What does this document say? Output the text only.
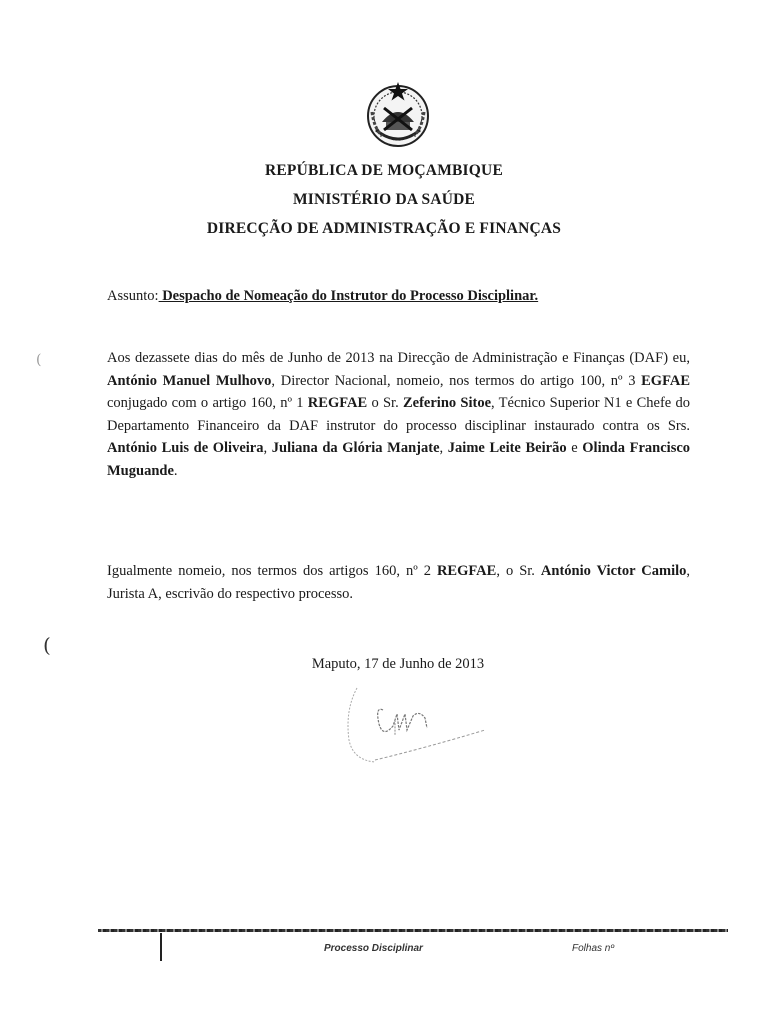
REPÚBLICA DE MOÇAMBIQUE
MINISTÉRIO DA SAÚDE
DIRECÇÃO DE ADMINISTRAÇÃO E FINANÇAS
Assunto: Despacho de Nomeação do Instrutor do Processo Disciplinar.
Aos dezassete dias do mês de Junho de 2013 na Direcção de Administração e Finanças (DAF) eu, António Manuel Mulhovo, Director Nacional, nomeio, nos termos do artigo 100, nº 3 EGFAE conjugado com o artigo 160, nº 1 REGFAE o Sr. Zeferino Sitoe, Técnico Superior N1 e Chefe do Departamento Financeiro da DAF instrutor do processo disciplinar instaurado contra os Srs. António Luis de Oliveira, Juliana da Glória Manjate, Jaime Leite Beirão e Olinda Francisco Muguande.
Igualmente nomeio, nos termos dos artigos 160, nº 2 REGFAE, o Sr. António Victor Camilo, Jurista A, escrivão do respectivo processo.
Maputo, 17 de Junho de 2013
(
(
Processo Disciplinar	Folhas nº
